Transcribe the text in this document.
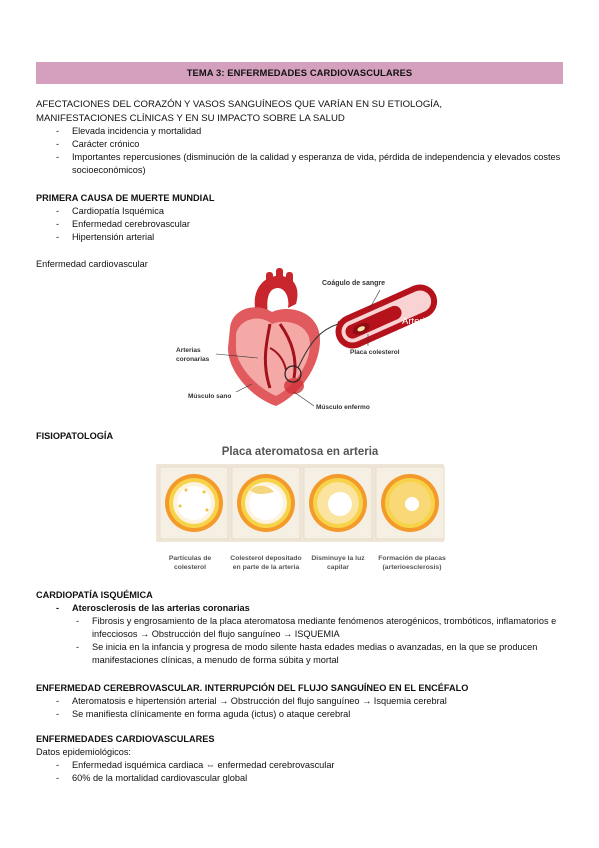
TEMA 3: ENFERMEDADES CARDIOVASCULARES

AFECTACIONES DEL CORAZÓN Y VASOS SANGUÍNEOS QUE VARÍAN EN SU ETIOLOGÍA,

MANIFESTACIONES CLÍNICAS Y EN SU IMPACTO SOBRE LA SALUD

- Elevada incidencia y mortalidad
- Carácter crónico
- Importantes repercusiones (disminución de la calidad y esperanza de vida, pérdida de independencia y elevados costes socioeconómicos)

PRIMERA CAUSA DE MUERTE MUNDIAL

- Cardiopatía Isquémica
- Enfermedad cerebrovascular
- Hipertensión arterial

Enfermedad cardiovascular

Coágulo de sangre
Arteria
Placa colesterol
Arterias
coronarias
Músculo sano
Músculo enfermo

FISIOPATOLOGÍA

Placa ateromatosa en arteria
Partículas de
colesterol
Colesterol depositado
en parte de la arteria
Disminuye la luz
capilar
Formación de placas
(arterioesclerosis)

CARDIOPATÍA ISQUÉMICA

- Aterosclerosis de las arterias coronarias
- Fibrosis y engrosamiento de la placa ateromatosa mediante fenómenos aterogénicos, trombóticos, inflamatorios e infecciosos → Obstrucción del flujo sanguíneo → ISQUEMIA
- Se inicia en la infancia y progresa de modo silente hasta edades medias o avanzadas, en la que se producen manifestaciones clínicas, a menudo de forma súbita y mortal

ENFERMEDAD CEREBROVASCULAR. INTERRUPCIÓN DEL FLUJO SANGUÍNEO EN EL ENCÉFALO

- Ateromatosis e hipertensión arterial → Obstrucción del flujo sanguíneo → Isquemia cerebral
- Se manifiesta clínicamente en forma aguda (ictus) o ataque cerebral

ENFERMEDADES CARDIOVASCULARES

Datos epidemiológicos:

- Enfermedad isquémica cardiaca ⇔ enfermedad cerebrovascular
- 60% de la mortalidad cardiovascular global
